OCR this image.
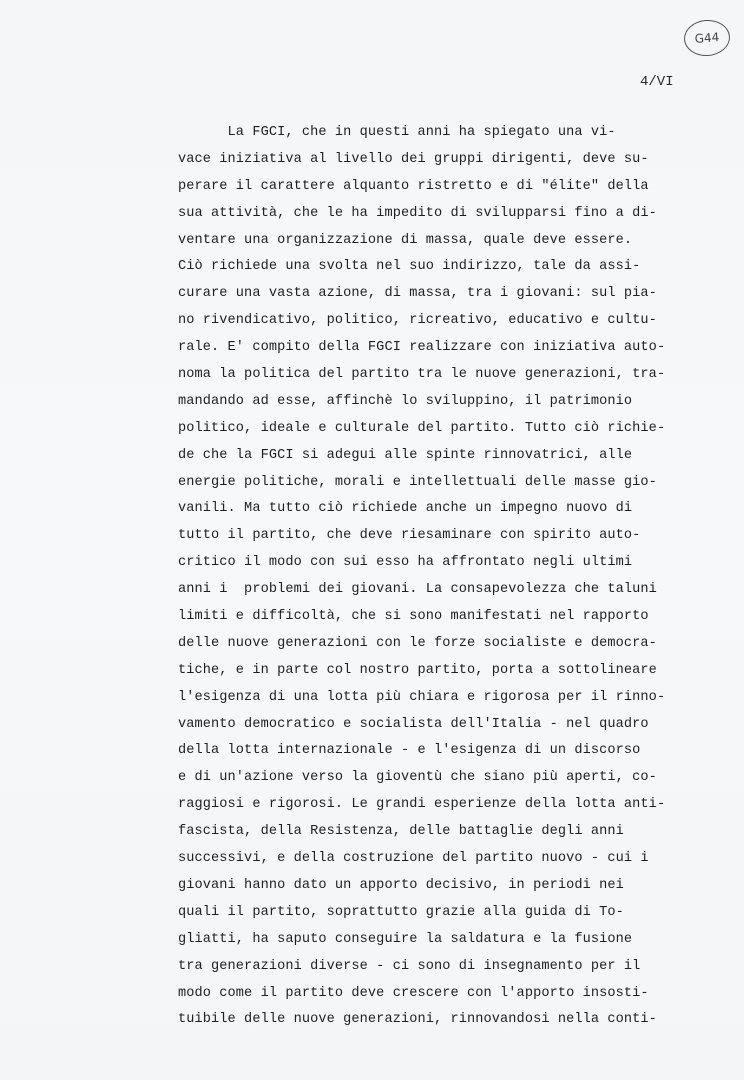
G44
4/VI
La FGCI, che in questi anni ha spiegato una vi-
vace iniziativa al livello dei gruppi dirigenti, deve su-
perare il carattere alquanto ristretto e di "élite" della
sua attività, che le ha impedito di svilupparsi fino a di-
ventare una organizzazione di massa, quale deve essere.
Ciò richiede una svolta nel suo indirizzo, tale da assi-
curare una vasta azione, di massa, tra i giovani: sul pia-
no rivendicativo, politico, ricreativo, educativo e cultu-
rale. E' compito della FGCI realizzare con iniziativa auto-
noma la politica del partito tra le nuove generazioni, tra-
mandando ad esse, affinchè lo sviluppino, il patrimonio
politico, ideale e culturale del partito. Tutto ciò richie-
de che la FGCI si adegui alle spinte rinnovatrici, alle
energie politiche, morali e intellettuali delle masse gio-
vanili. Ma tutto ciò richiede anche un impegno nuovo di
tutto il partito, che deve riesaminare con spirito auto-
critico il modo con sui esso ha affrontato negli ultimi
anni i  problemi dei giovani. La consapevolezza che taluni
limiti e difficoltà, che si sono manifestati nel rapporto
delle nuove generazioni con le forze socialiste e democra-
tiche, e in parte col nostro partito, porta a sottolineare
l'esigenza di una lotta più chiara e rigorosa per il rinno-
vamento democratico e socialista dell'Italia - nel quadro
della lotta internazionale - e l'esigenza di un discorso
e di un'azione verso la gioventù che siano più aperti, co-
raggiosi e rigorosi. Le grandi esperienze della lotta anti-
fascista, della Resistenza, delle battaglie degli anni
successivi, e della costruzione del partito nuovo - cui i
giovani hanno dato un apporto decisivo, in periodi nei
quali il partito, soprattutto grazie alla guida di To-
gliatti, ha saputo conseguire la saldatura e la fusione
tra generazioni diverse - ci sono di insegnamento per il
modo come il partito deve crescere con l'apporto insosti-
tuibile delle nuove generazioni, rinnovandosi nella conti-
